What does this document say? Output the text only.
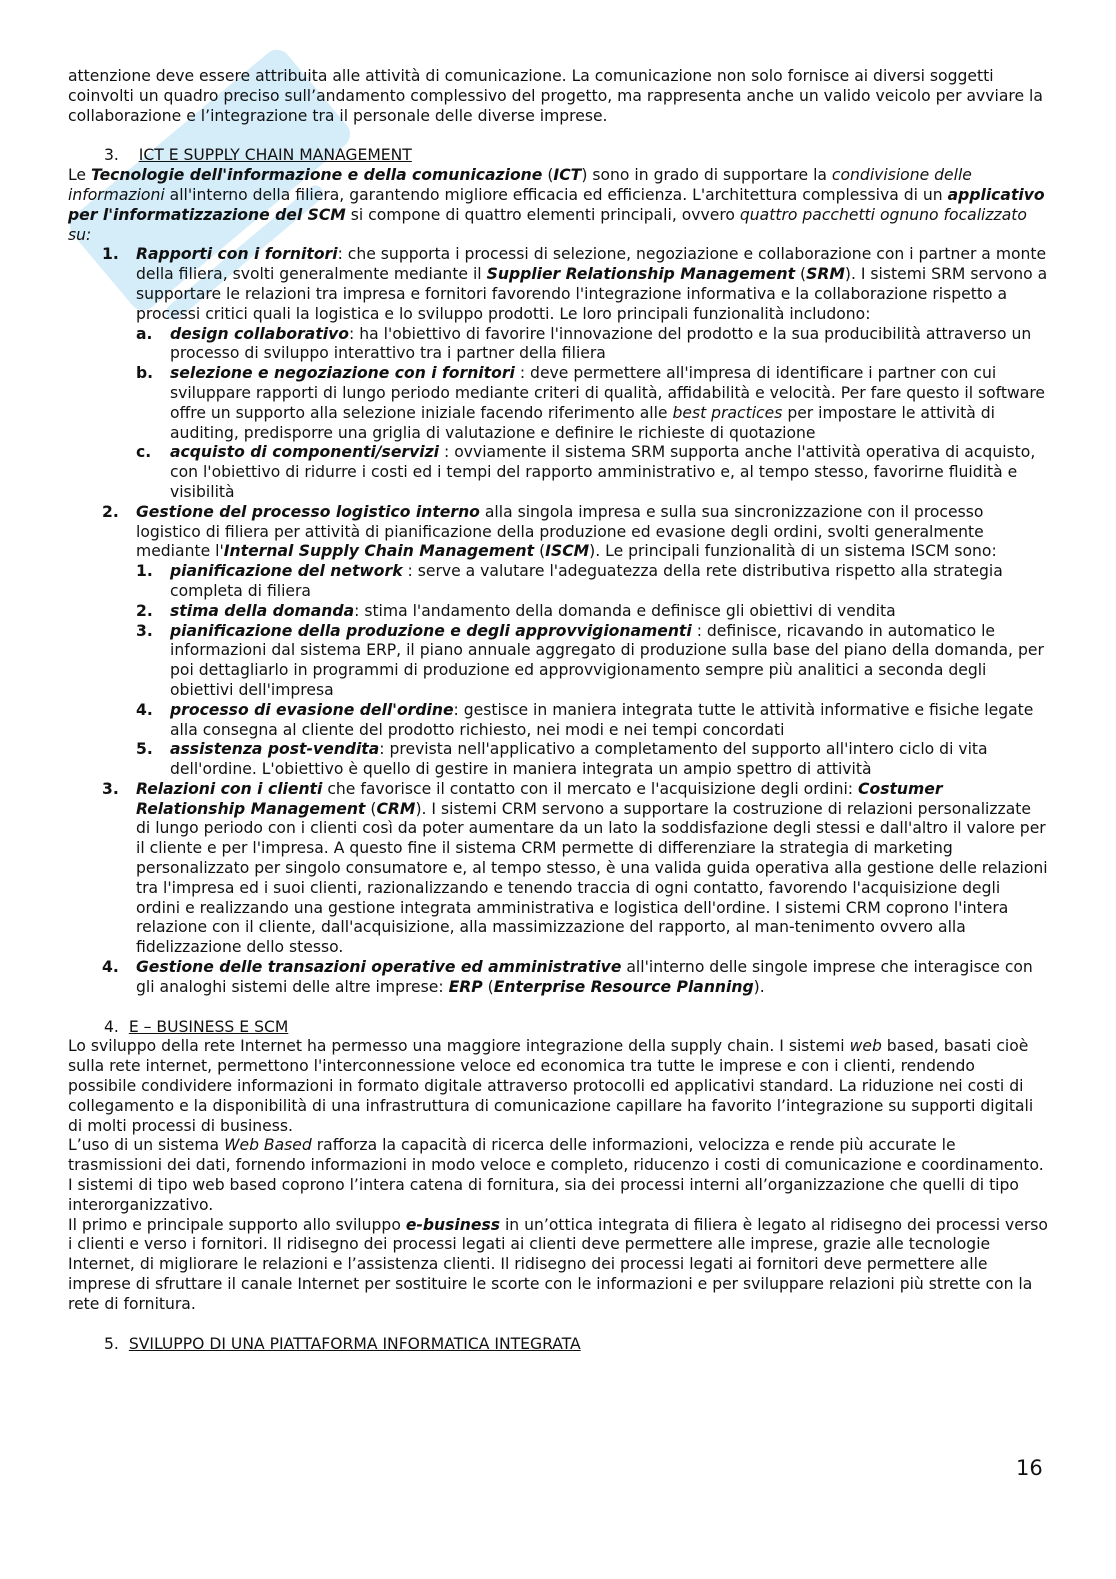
attenzione deve essere attribuita alle attività di comunicazione. La comunicazione non solo fornisce ai diversi soggetti coinvolti un quadro preciso sull’andamento complessivo del progetto, ma rappresenta anche un valido veicolo per avviare la collaborazione e l’integrazione tra il personale delle diverse imprese.

3. ICT E SUPPLY CHAIN MANAGEMENT

Le Tecnologie dell'informazione e della comunicazione (ICT) sono in grado di supportare la condivisione delle informazioni all'interno della filiera, garantendo migliore efficacia ed efficienza. L'architettura complessiva di un applicativo per l'informatizzazione del SCM si compone di quattro elementi principali, ovvero quattro pacchetti ognuno focalizzato su:

1. Rapporti con i fornitori: che supporta i processi di selezione, negoziazione e collaborazione con i partner a monte della filiera, svolti generalmente mediante il Supplier Relationship Management (SRM). I sistemi SRM servono a supportare le relazioni tra impresa e fornitori favorendo l'integrazione informativa e la collaborazione rispetto a processi critici quali la logistica e lo sviluppo prodotti. Le loro principali funzionalità includono:
a. design collaborativo: ha l'obiettivo di favorire l'innovazione del prodotto e la sua producibilità attraverso un processo di sviluppo interattivo tra i partner della filiera
b. selezione e negoziazione con i fornitori : deve permettere all'impresa di identificare i partner con cui sviluppare rapporti di lungo periodo mediante criteri di qualità, affidabilità e velocità. Per fare questo il software offre un supporto alla selezione iniziale facendo riferimento alle best practices per impostare le attività di auditing, predisporre una griglia di valutazione e definire le richieste di quotazione
c. acquisto di componenti/servizi : ovviamente il sistema SRM supporta anche l'attività operativa di acquisto, con l'obiettivo di ridurre i costi ed i tempi del rapporto amministrativo e, al tempo stesso, favorirne fluidità e visibilità
2. Gestione del processo logistico interno alla singola impresa e sulla sua sincronizzazione con il processo logistico di filiera per attività di pianificazione della produzione ed evasione degli ordini, svolti generalmente mediante l'Internal Supply Chain Management (ISCM). Le principali funzionalità di un sistema ISCM sono:
1. pianificazione del network : serve a valutare l'adeguatezza della rete distributiva rispetto alla strategia completa di filiera
2. stima della domanda: stima l'andamento della domanda e definisce gli obiettivi di vendita
3. pianificazione della produzione e degli approvvigionamenti : definisce, ricavando in automatico le informazioni dal sistema ERP, il piano annuale aggregato di produzione sulla base del piano della domanda, per poi dettagliarlo in programmi di produzione ed approvvigionamento sempre più analitici a seconda degli obiettivi dell'impresa
4. processo di evasione dell'ordine: gestisce in maniera integrata tutte le attività informative e fisiche legate alla consegna al cliente del prodotto richiesto, nei modi e nei tempi concordati
5. assistenza post-vendita: prevista nell'applicativo a completamento del supporto all'intero ciclo di vita dell'ordine. L'obiettivo è quello di gestire in maniera integrata un ampio spettro di attività
3. Relazioni con i clienti che favorisce il contatto con il mercato e l'acquisizione degli ordini: Costumer Relationship Management (CRM). I sistemi CRM servono a supportare la costruzione di relazioni personalizzate di lungo periodo con i clienti così da poter aumentare da un lato la soddisfazione degli stessi e dall'altro il valore per il cliente e per l'impresa. A questo fine il sistema CRM permette di differenziare la strategia di marketing personalizzato per singolo consumatore e, al tempo stesso, è una valida guida operativa alla gestione delle relazioni tra l'impresa ed i suoi clienti, razionalizzando e tenendo traccia di ogni contatto, favorendo l'acquisizione degli ordini e realizzando una gestione integrata amministrativa e logistica dell'ordine. I sistemi CRM coprono l'intera relazione con il cliente, dall'acquisizione, alla massimizzazione del rapporto, al man-tenimento ovvero alla fidelizzazione dello stesso.
4. Gestione delle transazioni operative ed amministrative all'interno delle singole imprese che interagisce con gli analoghi sistemi delle altre imprese: ERP (Enterprise Resource Planning).

4. E – BUSINESS E SCM

Lo sviluppo della rete Internet ha permesso una maggiore integrazione della supply chain. I sistemi web based, basati cioè sulla rete internet, permettono l'interconnessione veloce ed economica tra tutte le imprese e con i clienti, rendendo possibile condividere informazioni in formato digitale attraverso protocolli ed applicativi standard. La riduzione nei costi di collegamento e la disponibilità di una infrastruttura di comunicazione capillare ha favorito l’integrazione su supporti digitali di molti processi di business.

L’uso di un sistema Web Based rafforza la capacità di ricerca delle informazioni, velocizza e rende più accurate le trasmissioni dei dati, fornendo informazioni in modo veloce e completo, riducenzo i costi di comunicazione e coordinamento. I sistemi di tipo web based coprono l’intera catena di fornitura, sia dei processi interni all’organizzazione che quelli di tipo interorganizzativo.

Il primo e principale supporto allo sviluppo e-business in un’ottica integrata di filiera è legato al ridisegno dei processi verso i clienti e verso i fornitori. Il ridisegno dei processi legati ai clienti deve permettere alle imprese, grazie alle tecnologie Internet, di migliorare le relazioni e l’assistenza clienti. Il ridisegno dei processi legati ai fornitori deve permettere alle imprese di sfruttare il canale Internet per sostituire le scorte con le informazioni e per sviluppare relazioni più strette con la rete di fornitura.

5. SVILUPPO DI UNA PIATTAFORMA INFORMATICA INTEGRATA

16
